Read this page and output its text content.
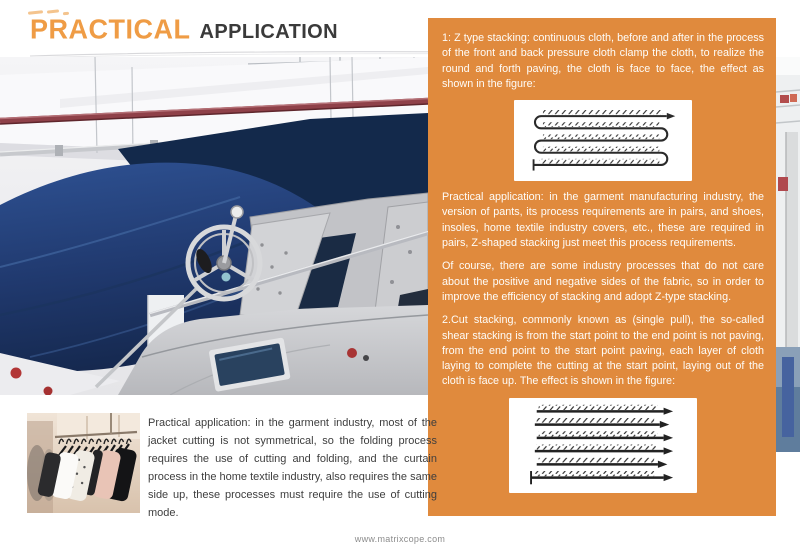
PRACTICAL APPLICATION	1: Z type stacking: continuous cloth, before and after in the process of the front and back pressure cloth clamp the cloth, to realize the round and forth paving, the cloth is face to face, the effect as shown in the figure:

Practical application: in the garment manufacturing industry, the version of pants, its process requirements are in pairs, and shoes, insoles, home textile industry covers, etc., these are required in pairs, Z-shaped stacking just meet this process requirements.

Of course, there are some industry processes that do not care about the positive and negative sides of the fabric, so in order to improve the efficiency of stacking and adopt Z-type stacking.

2.Cut stacking, commonly known as (single pull), the so-called shear stacking is from the start point to the end point is not paving, from the end point to the start point paving, each layer of cloth laying to complete the cutting at the start point, laying out of the cloth is face up. The effect is shown in the figure:

Practical application: in the garment industry, most of the jacket cutting is not symmetrical, so the folding process requires the use of cutting and folding, and the curtain process in the home textile industry, also requires the same side up, these processes must require the use of cutting mode.

www.matrixcope.com
